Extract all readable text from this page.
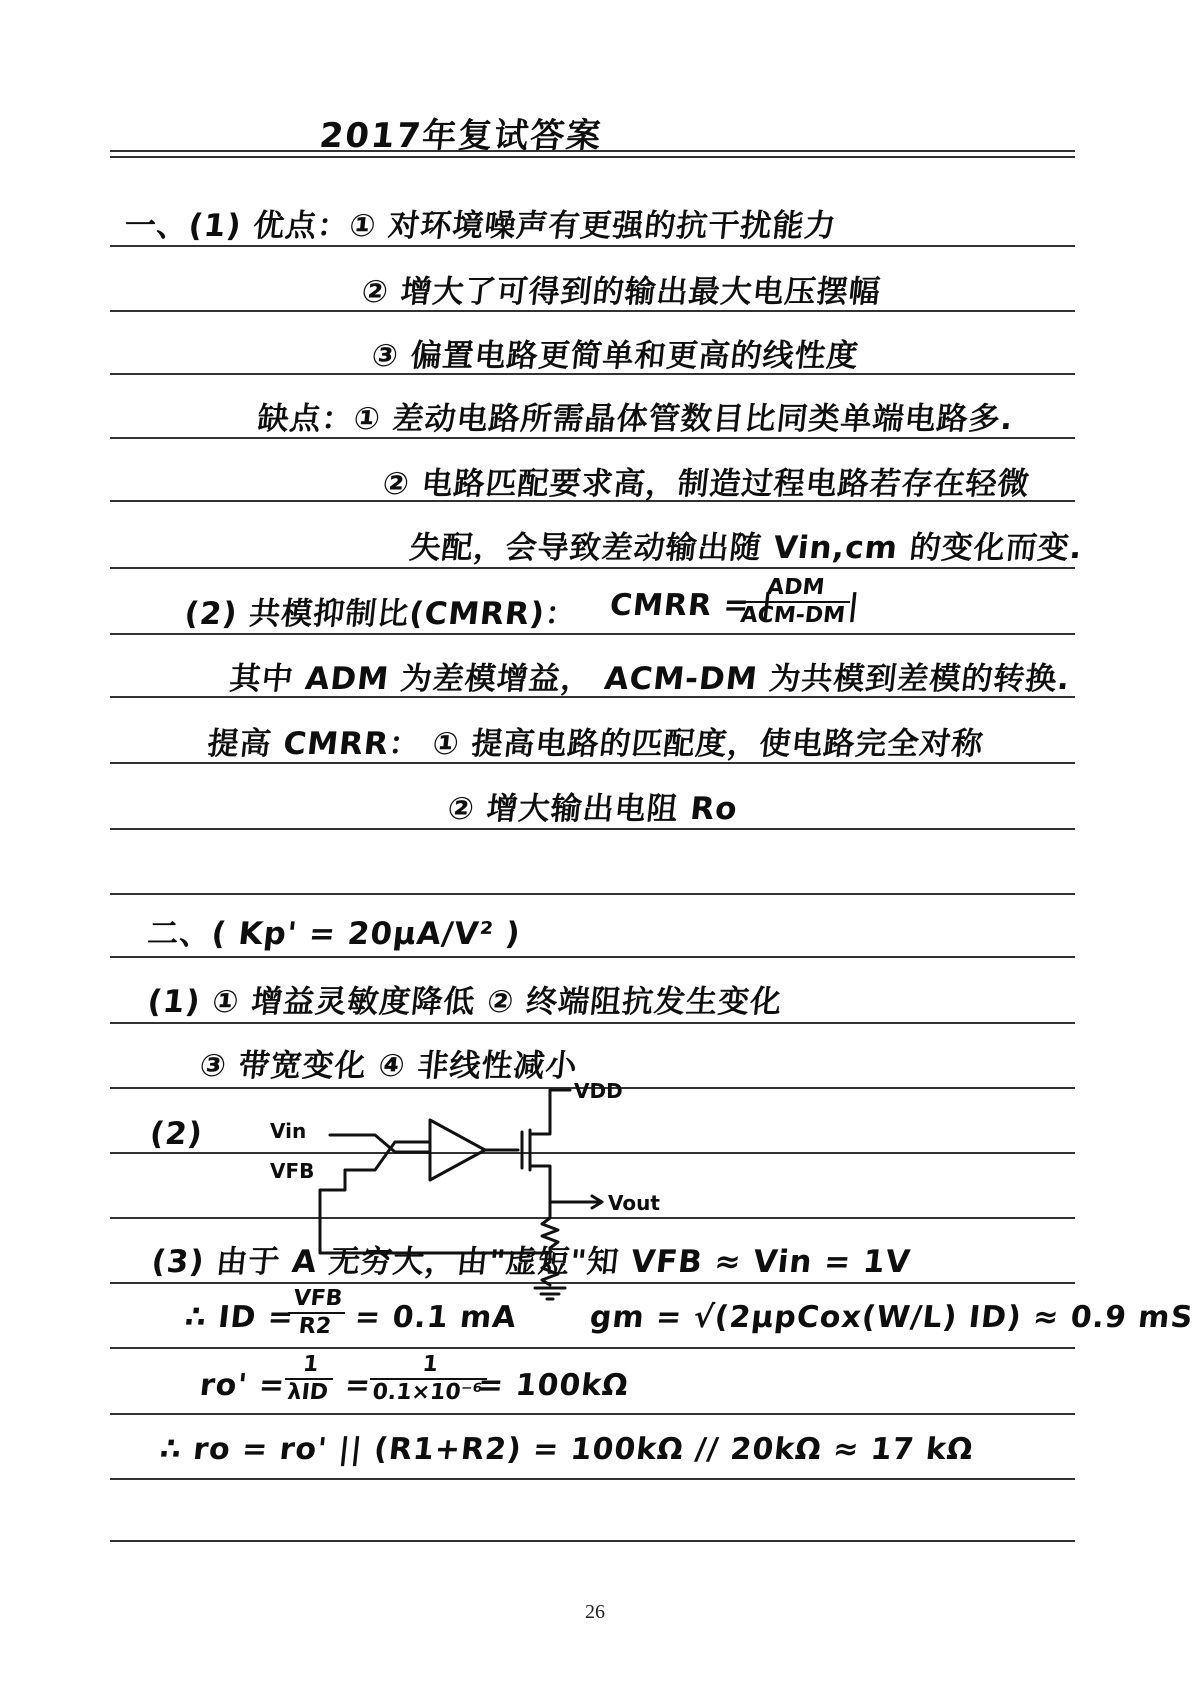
2017年复试答案
一、(1) 优点：① 对环境噪声有更强的抗干扰能力
② 增大了可得到的输出最大电压摆幅
③ 偏置电路更简单和更高的线性度
缺点：① 差动电路所需晶体管数目比同类单端电路多.
② 电路匹配要求高，制造过程电路若存在轻微
失配，会导致差动输出随 Vin,cm 的变化而变.
(2) 共模抑制比(CMRR)： CMRR = |
ADM
ACM-DM |
其中 ADM 为差模增益， ACM-DM 为共模到差模的转换.
提高 CMRR： ① 提高电路的匹配度，使电路完全对称
② 增大输出电阻 Ro
二、( Kp' = 20μA/V² )
(1) ① 增益灵敏度降低 ② 终端阻抗发生变化
③ 带宽变化 ④ 非线性减小
(2)	Vin
VFB
VDD
Vout
(3) 由于 A 无穷大，由"虚短"知 VFB ≈ Vin = 1V
∴ ID =
VFB
R2 = 0.1 mA gm = √(2μpCox(W/L) ID) ≈ 0.9 mS
ro' =
1
λID =
1
0.1×10⁻⁶
= 100kΩ
∴ ro = ro' || (R1+R2) = 100kΩ // 20kΩ ≈ 17 kΩ
26
